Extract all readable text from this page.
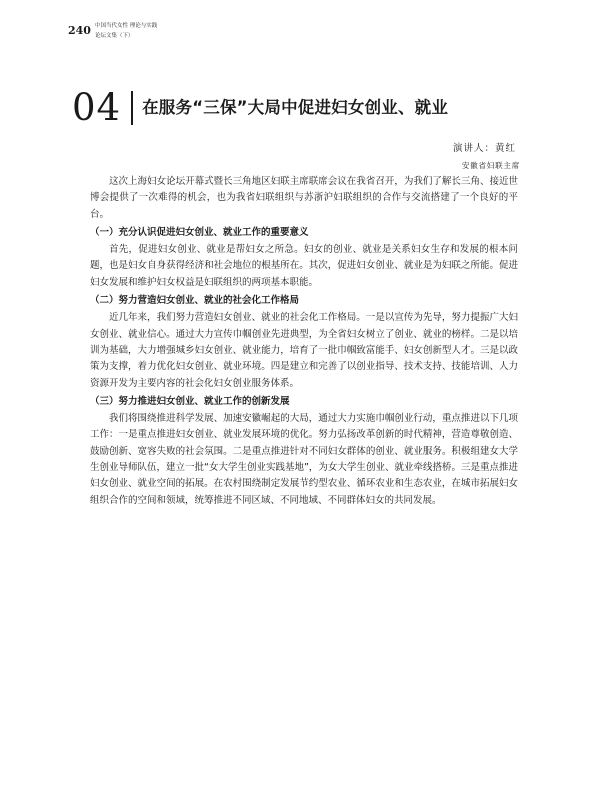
240 中国当代女性 理论与实践
论坛文集（下）
04 在服务“三保”大局中促进妇女创业、就业
演讲人：黄红
安徽省妇联主席

这次上海妇女论坛开幕式暨长三角地区妇联主席联席会议在我省召开，为我们了解长三角、接近世博会提供了一次难得的机会，也为我省妇联组织与苏浙沪妇联组织的合作与交流搭建了一个良好的平台。

（一）充分认识促进妇女创业、就业工作的重要意义

首先，促进妇女创业、就业是帮妇女之所急。妇女的创业、就业是关系妇女生存和发展的根本问题，也是妇女自身获得经济和社会地位的根基所在。其次，促进妇女创业、就业是为妇联之所能。促进妇女发展和维护妇女权益是妇联组织的两项基本职能。

（二）努力营造妇女创业、就业的社会化工作格局

近几年来，我们努力营造妇女创业、就业的社会化工作格局。一是以宣传为先导，努力提振广大妇女创业、就业信心。通过大力宣传巾帼创业先进典型，为全省妇女树立了创业、就业的榜样。二是以培训为基础，大力增强城乡妇女创业、就业能力，培育了一批巾帼致富能手、妇女创新型人才。三是以政策为支撑，着力优化妇女创业、就业环境。四是建立和完善了以创业指导、技术支持、技能培训、人力资源开发为主要内容的社会化妇女创业服务体系。

（三）努力推进妇女创业、就业工作的创新发展

我们将围绕推进科学发展、加速安徽崛起的大局，通过大力实施巾帼创业行动，重点推进以下几项工作：一是重点推进妇女创业、就业发展环境的优化。努力弘扬改革创新的时代精神，营造尊敬创造、鼓励创新、宽容失败的社会氛围。二是重点推进针对不同妇女群体的创业、就业服务。积极组建女大学生创业导师队伍，建立一批“女大学生创业实践基地”，为女大学生创业、就业牵线搭桥。三是重点推进妇女创业、就业空间的拓展。在农村围绕制定发展节约型农业、循环农业和生态农业，在城市拓展妇女组织合作的空间和领域，统筹推进不同区域、不同地域、不同群体妇女的共同发展。
